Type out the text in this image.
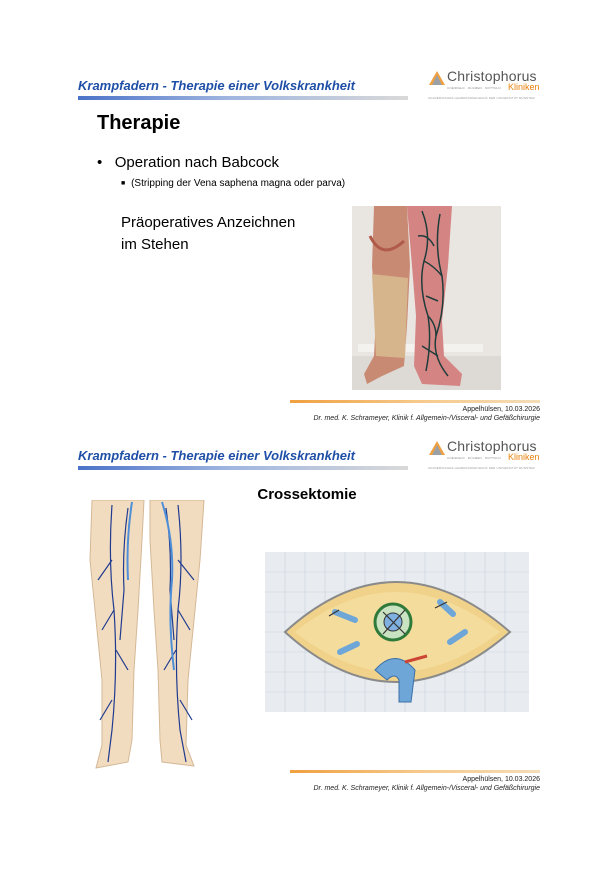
Krampfadern - Therapie einer Volkskrankheit
Christophorus
Kliniken
COESFELD · DÜLMEN · NOTTULN
AKADEMISCHES LEHRKRANKENHAUS DER UNIVERSITÄT MÜNSTER
Therapie
•   Operation nach Babcock
■   (Stripping der Vena saphena magna oder parva)
Präoperatives Anzeichnen
im Stehen
Appelhülsen, 10.03.2026
Dr. med. K. Schrameyer, Klinik f. Allgemein-/Visceral- und Gefäßchirurgie
Krampfadern - Therapie einer Volkskrankheit
Christophorus
Kliniken
COESFELD · DÜLMEN · NOTTULN
AKADEMISCHES LEHRKRANKENHAUS DER UNIVERSITÄT MÜNSTER
Crossektomie
Appelhülsen, 10.03.2026
Dr. med. K. Schrameyer, Klinik f. Allgemein-/Visceral- und Gefäßchirurgie
